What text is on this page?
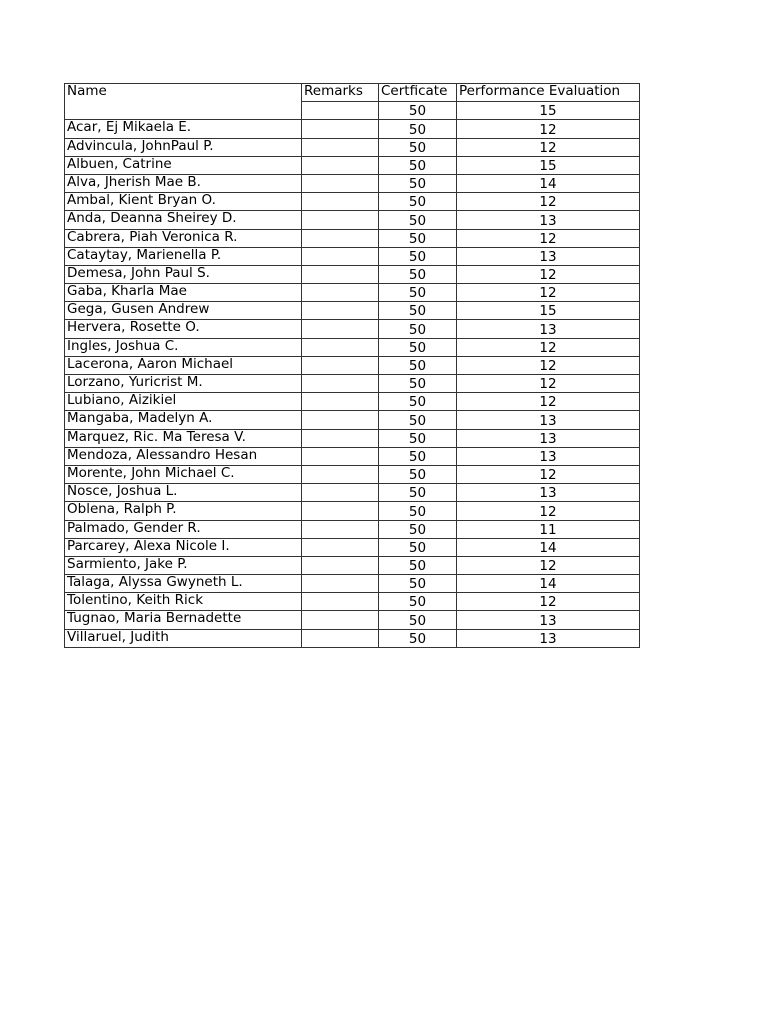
Name	Remarks	Certficate	Performance Evaluation
		50	15
Acar, Ej Mikaela E.		50	12
Advincula, JohnPaul P.		50	12
Albuen, Catrine		50	15
Alva, Jherish Mae B.		50	14
Ambal, Kient Bryan O.		50	12
Anda, Deanna Sheirey D.		50	13
Cabrera, Piah Veronica R.		50	12
Cataytay, Marienella P.		50	13
Demesa, John Paul S.		50	12
Gaba, Kharla Mae		50	12
Gega, Gusen Andrew		50	15
Hervera, Rosette O.		50	13
Ingles, Joshua C.		50	12
Lacerona, Aaron Michael		50	12
Lorzano, Yuricrist M.		50	12
Lubiano, Aizikiel		50	12
Mangaba, Madelyn A.		50	13
Marquez, Ric. Ma Teresa V.		50	13
Mendoza, Alessandro Hesan		50	13
Morente, John Michael C.		50	12
Nosce, Joshua L.		50	13
Oblena, Ralph P.		50	12
Palmado, Gender R.		50	11
Parcarey, Alexa Nicole I.		50	14
Sarmiento, Jake P.		50	12
Talaga, Alyssa Gwyneth L.		50	14
Tolentino, Keith Rick		50	12
Tugnao, Maria Bernadette		50	13
Villaruel, Judith		50	13
